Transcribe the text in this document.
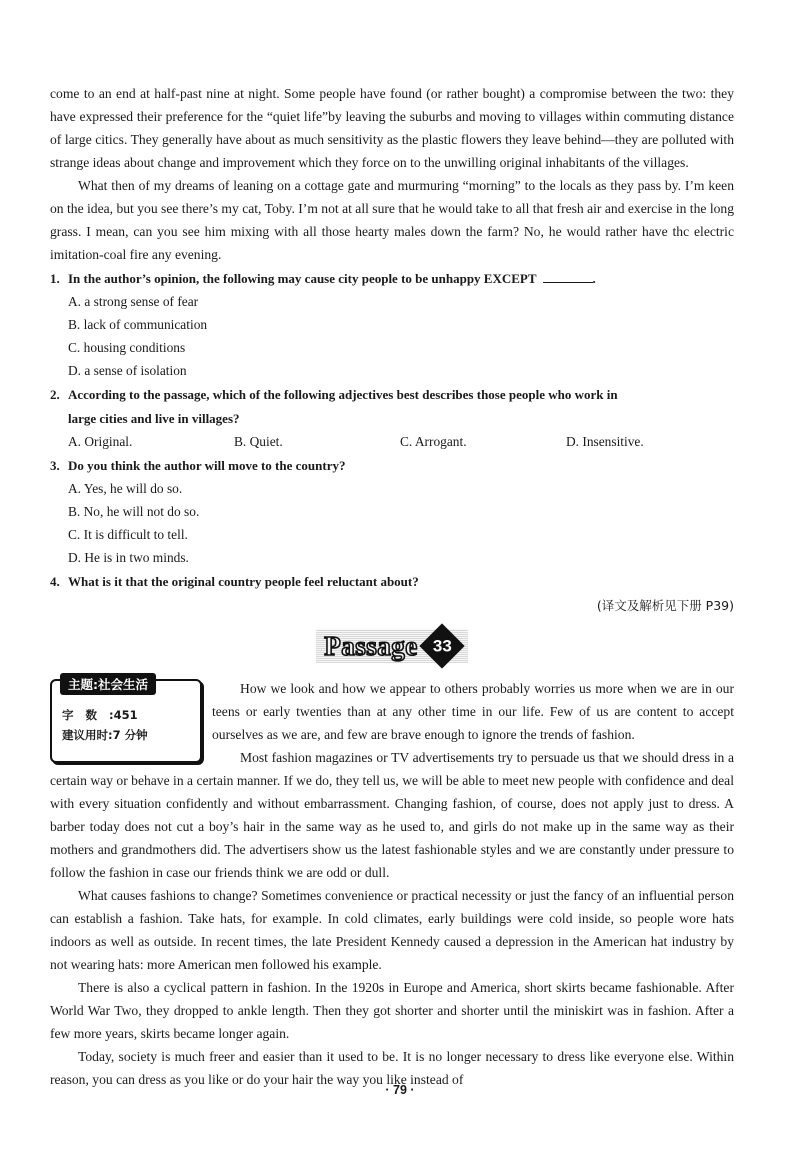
come to an end at half-past nine at night. Some people have found (or rather bought) a compromise between the two: they have expressed their preference for the “quiet life”by leaving the suburbs and moving to villages within commuting distance of large citics. They generally have about as much sensitivity as the plastic flowers they leave behind—they are polluted with strange ideas about change and improvement which they force on to the unwilling original inhabitants of the villages.

What then of my dreams of leaning on a cottage gate and murmuring “morning” to the locals as they pass by. I’m keen on the idea, but you see there’s my cat, Toby. I’m not at all sure that he would take to all that fresh air and exercise in the long grass. I mean, can you see him mixing with all those hearty males down the farm? No, he would rather have thc electric imitation-coal fire any evening.

1. In the author’s opinion, the following may cause city people to be unhappy EXCEPT	.
A. a strong sense of fear
B. lack of communication
C. housing conditions
D. a sense of isolation
2. According to the passage, which of the following adjectives best describes those people who work in
large cities and live in villages?
A. Original.	B. Quiet.	C. Arrogant.	D. Insensitive.
3. Do you think the author will move to the country?
A. Yes, he will do so.
B. No, he will not do so.
C. It is difficult to tell.
D. He is in two minds.
4. What is it that the original country people feel reluctant about?
(译文及解析见下册 P39)
Passage 33
主题:社会生活
字数:451
建议用时:7 分钟

How we look and how we appear to others probably worries us more when we are in our teens or early twenties than at any other time in our life. Few of us are content to accept ourselves as we are, and few are brave enough to ignore the trends of fashion.

Most fashion magazines or TV advertisements try to persuade us that we should dress in a certain way or behave in a certain manner. If we do, they tell us, we will be able to meet new people with confidence and deal with every situation confidently and without embarrassment. Changing fashion, of course, does not apply just to dress. A barber today does not cut a boy’s hair in the same way as he used to, and girls do not make up in the same way as their mothers and grandmothers did. The advertisers show us the latest fashionable styles and we are constantly under pressure to follow the fashion in case our friends think we are odd or dull.

What causes fashions to change? Sometimes convenience or practical necessity or just the fancy of an influential person can establish a fashion. Take hats, for example. In cold climates, early buildings were cold inside, so people wore hats indoors as well as outside. In recent times, the late President Kennedy caused a depression in the American hat industry by not wearing hats: more American men followed his example.

There is also a cyclical pattern in fashion. In the 1920s in Europe and America, short skirts became fashionable. After World War Two, they dropped to ankle length. Then they got shorter and shorter until the miniskirt was in fashion. After a few more years, skirts became longer again.

Today, society is much freer and easier than it used to be. It is no longer necessary to dress like everyone else. Within reason, you can dress as you like or do your hair the way you like instead of

· 79 ·
